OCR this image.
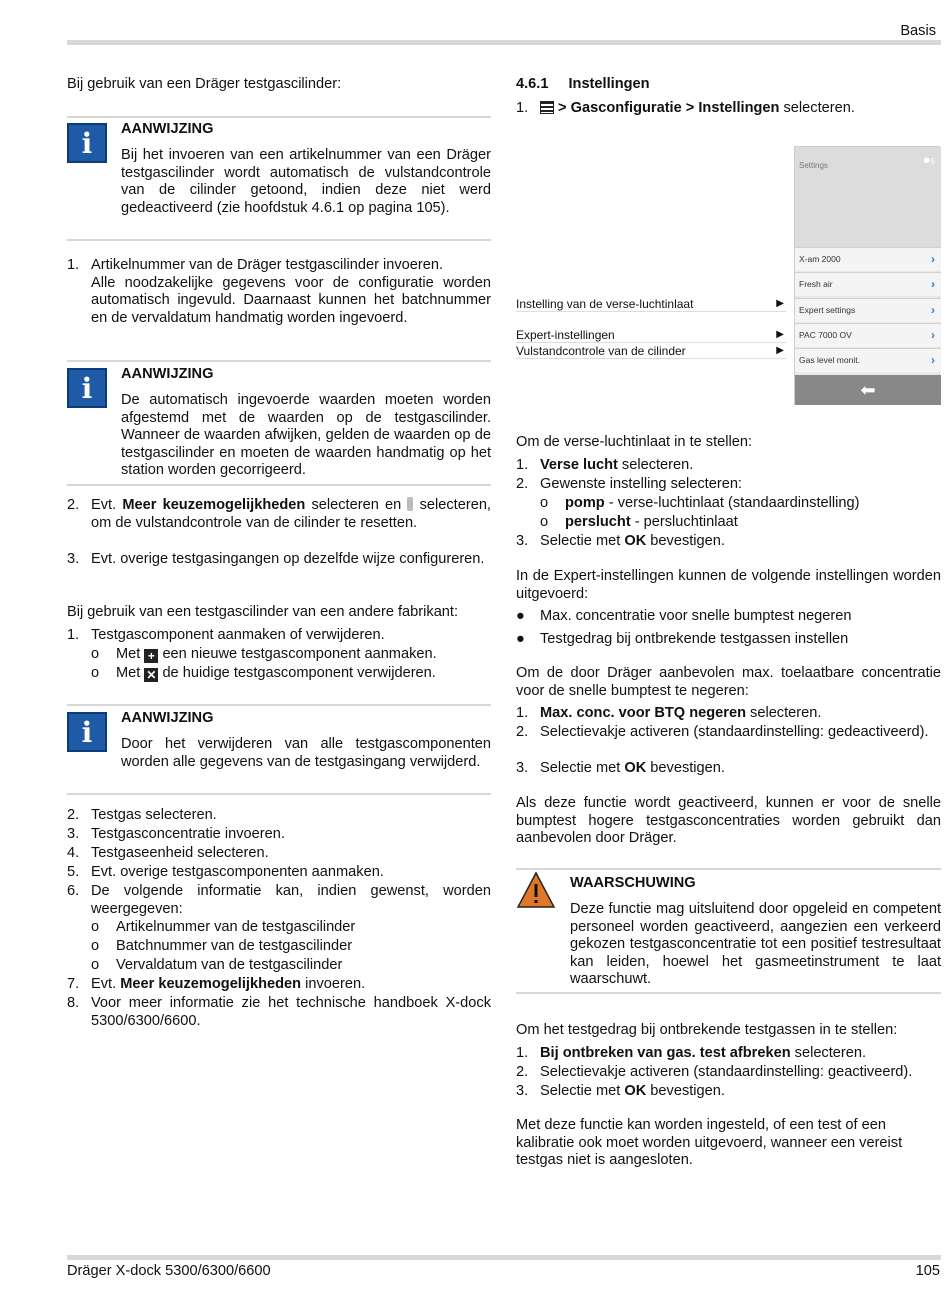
Basis
Bij gebruik van een Dräger testgascilinder:
i	AANWIJZING
Bij het invoeren van een artikelnummer van een Dräger testgascilinder wordt automatisch de vulstandcontrole van de cilinder getoond, indien deze niet werd gedeactiveerd (zie hoofdstuk 4.6.1 op pagina 105).
1. Artikelnummer van de Dräger testgascilinder invoeren.
Alle noodzakelijke gegevens voor de configuratie worden automatisch ingevuld. Daarnaast kunnen het batchnummer en de vervaldatum handmatig worden ingevoerd.
i	AANWIJZING
De automatisch ingevoerde waarden moeten worden afgestemd met de waarden op de testgascilinder. Wanneer de waarden afwijken, gelden de waarden op de testgascilinder en moeten de waarden handmatig op het station worden gecorrigeerd.
2. Evt. Meer keuzemogelijkheden selecteren en  selecteren, om de vulstandcontrole van de cilinder te resetten.
3. Evt. overige testgasingangen op dezelfde wijze configureren.
Bij gebruik van een testgascilinder van een andere fabrikant:
1. Testgascomponent aanmaken of verwijderen.
o Met + een nieuwe testgascomponent aanmaken.
o Met ✕ de huidige testgascomponent verwijderen.
i	AANWIJZING
Door het verwijderen van alle testgascomponenten worden alle gegevens van de testgasingang verwijderd.
2. Testgas selecteren.
3. Testgasconcentratie invoeren.
4. Testgaseenheid selecteren.
5. Evt. overige testgascomponenten aanmaken.
6. De volgende informatie kan, indien gewenst, worden weergegeven:
o Artikelnummer van de testgascilinder
o Batchnummer van de testgascilinder
o Vervaldatum van de testgascilinder
7. Evt. Meer keuzemogelijkheden invoeren.
8. Voor meer informatie zie het technische handboek X-dock 5300/6300/6600.
4.6.1 Instellingen
1. > Gasconfiguratie > Instellingen selecteren.
Instelling van de verse-luchtinlaat	▶
Expert-instellingen	▶
Vulstandcontrole van de cilinder	▶
Settings	●5
X-am 2000	›
Fresh air	›
Expert settings	›
PAC 7000 OV	›
Gas level monit.	›
⬅
Om de verse-luchtinlaat in te stellen:
1. Verse lucht selecteren.
2. Gewenste instelling selecteren:
o pomp - verse-luchtinlaat (standaardinstelling)
o perslucht - persluchtinlaat
3. Selectie met OK bevestigen.
In de Expert-instellingen kunnen de volgende instellingen worden uitgevoerd:
● Max. concentratie voor snelle bumptest negeren
● Testgedrag bij ontbrekende testgassen instellen
Om de door Dräger aanbevolen max. toelaatbare concentratie voor de snelle bumptest te negeren:
1. Max. conc. voor BTQ negeren selecteren.
2. Selectievakje activeren (standaardinstelling: gedeactiveerd).
3. Selectie met OK bevestigen.
Als deze functie wordt geactiveerd, kunnen er voor de snelle bumptest hogere testgasconcentraties worden gebruikt dan aanbevolen door Dräger.
WAARSCHUWING
Deze functie mag uitsluitend door opgeleid en competent personeel worden geactiveerd, aangezien een verkeerd gekozen testgasconcentratie tot een positief testresultaat kan leiden, hoewel het gasmeetinstrument te laat waarschuwt.
Om het testgedrag bij ontbrekende testgassen in te stellen:
1. Bij ontbreken van gas. test afbreken selecteren.
2. Selectievakje activeren (standaardinstelling: geactiveerd).
3. Selectie met OK bevestigen.
Met deze functie kan worden ingesteld, of een test of een kalibratie ook moet worden uitgevoerd, wanneer een vereist testgas niet is aangesloten.
Dräger X-dock 5300/6300/6600	105
